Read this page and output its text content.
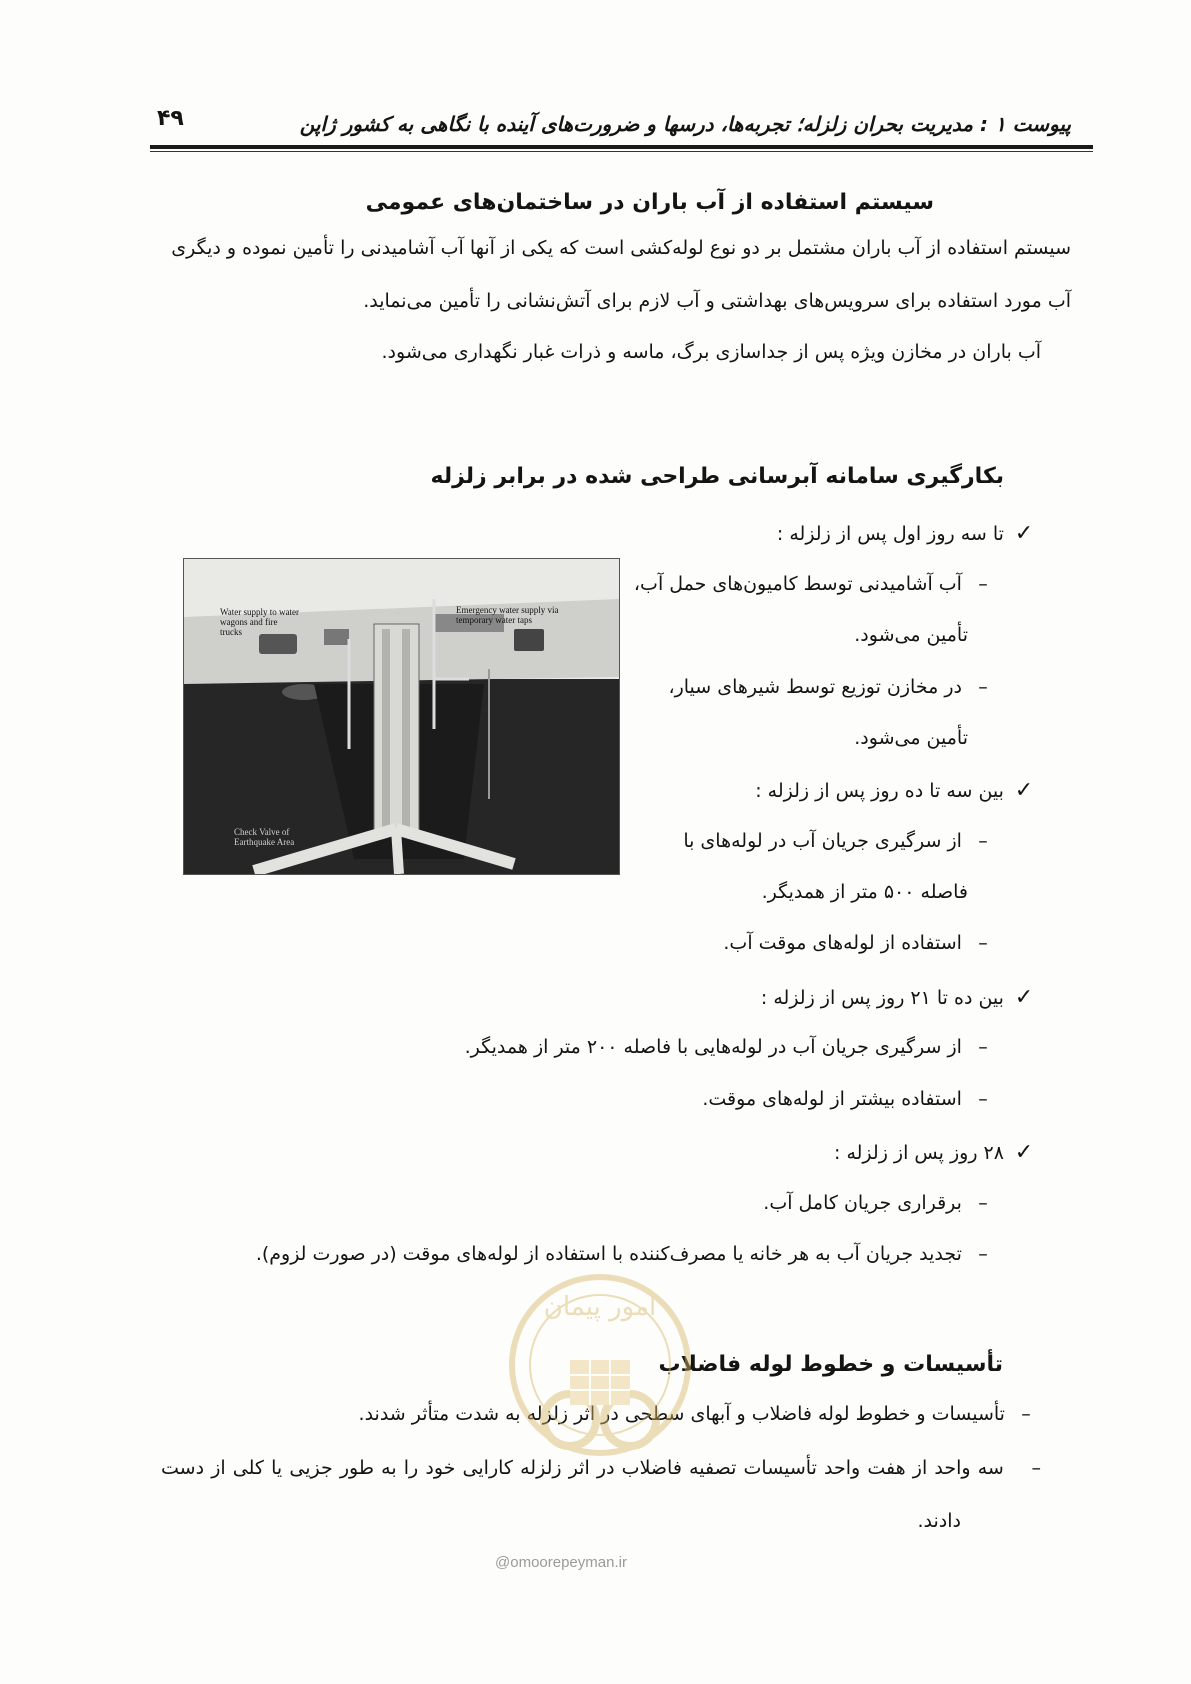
۴۹	پیوست ۱ : مدیریت بحران زلزله؛ تجربه‌ها، درسها و ضرورت‌های آینده با نگاهی به کشور ژاپن
سیستم استفاده از آب باران در ساختمان‌های عمومی
سیستم استفاده از آب باران مشتمل بر دو نوع لوله‌کشی است که یکی از آنها آب آشامیدنی را تأمین نموده و دیگری
آب مورد استفاده برای سرویس‌های بهداشتی و آب لازم برای آتش‌نشانی را تأمین می‌نماید.
آب باران در مخازن ویژه پس از جداسازی برگ، ماسه و ذرات غبار نگهداری می‌شود.
بکارگیری سامانه آبرسانی طراحی شده در برابر زلزله
✓ تا سه روز اول پس از زلزله :
– آب آشامیدنی توسط کامیون‌های حمل آب،
تأمین می‌شود.
– در مخازن توزیع توسط شیرهای سیار،
تأمین می‌شود.
✓ بین سه تا ده روز پس از زلزله :
– از سرگیری جریان آب در لوله‌های با
فاصله ۵۰۰ متر از همدیگر.
– استفاده از لوله‌های موقت آب.
✓ بین ده تا ۲۱ روز پس از زلزله :
– از سرگیری جریان آب در لوله‌هایی با فاصله ۲۰۰ متر از همدیگر.
– استفاده بیشتر از لوله‌های موقت.
✓ ۲۸ روز پس از زلزله :
– برقراری جریان کامل آب.
– تجدید جریان آب به هر خانه یا مصرف‌کننده با استفاده از لوله‌های موقت (در صورت لزوم).
Water supply to water wagons and fire trucks
Emergency water supply via temporary water taps
Check Valve of Earthquake Area
تأسیسات و خطوط لوله فاضلاب
– تأسیسات و خطوط لوله فاضلاب و آبهای سطحی در اثر زلزله به شدت متأثر شدند.
– سه واحد از هفت واحد تأسیسات تصفیه فاضلاب در اثر زلزله کارایی خود را به طور جزیی یا کلی از دست
دادند.
امور پیمان
@omoorepeyman.ir
